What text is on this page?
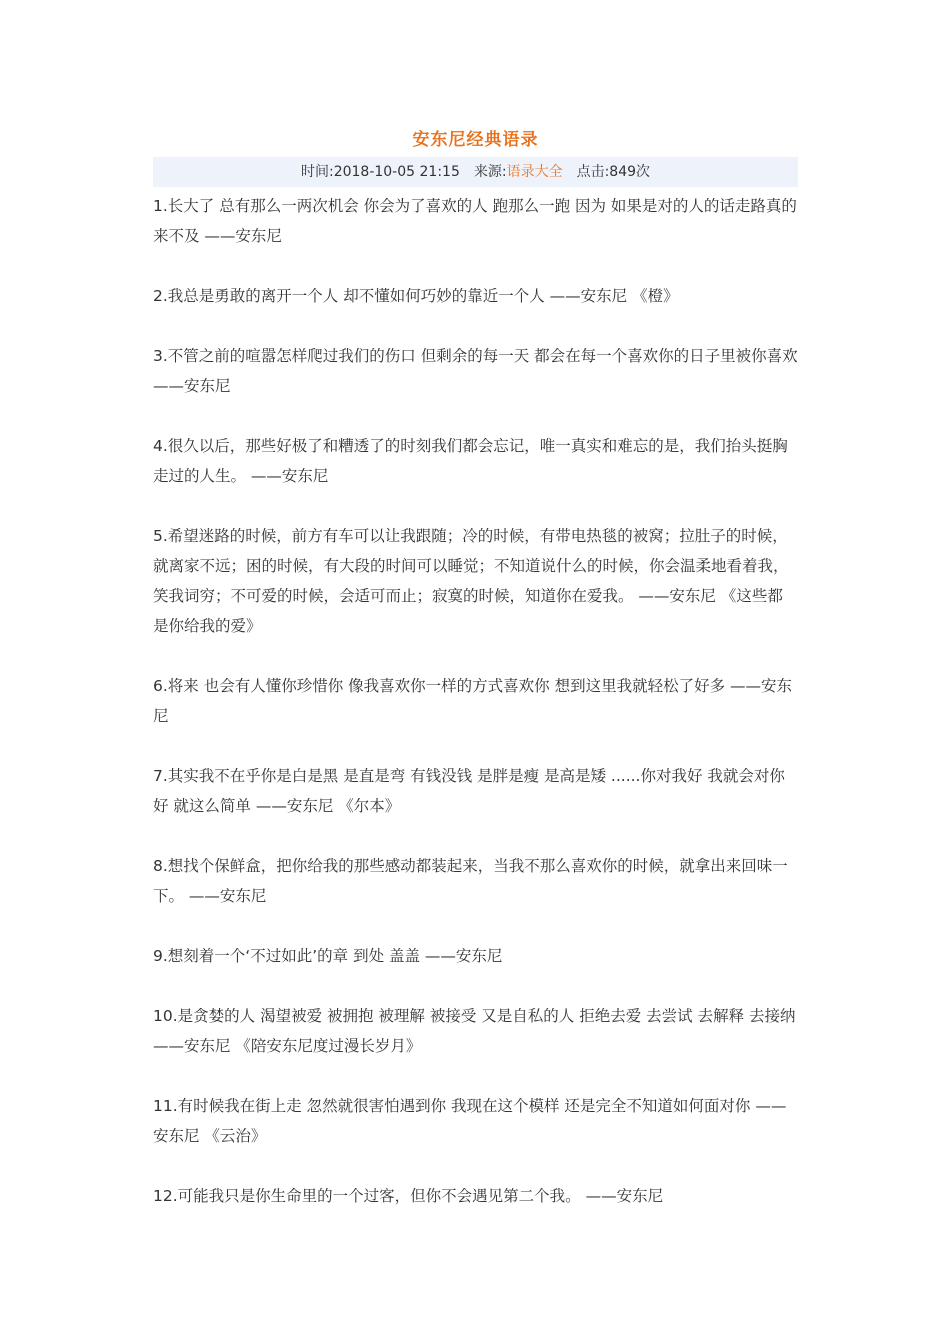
安东尼经典语录
时间:2018-10-05 21:15 来源:语录大全 点击:849次

1.长大了 总有那么一两次机会 你会为了喜欢的人 跑那么一跑 因为 如果是对的人的话走路真的来不及 ——安东尼

2.我总是勇敢的离开一个人 却不懂如何巧妙的靠近一个人 ——安东尼 《橙》

3.不管之前的喧嚣怎样爬过我们的伤口 但剩余的每一天 都会在每一个喜欢你的日子里被你喜欢 ——安东尼

4.很久以后，那些好极了和糟透了的时刻我们都会忘记，唯一真实和难忘的是，我们抬头挺胸走过的人生。 ——安东尼

5.希望迷路的时候，前方有车可以让我跟随；冷的时候，有带电热毯的被窝；拉肚子的时候，就离家不远；困的时候，有大段的时间可以睡觉；不知道说什么的时候，你会温柔地看着我，笑我词穷；不可爱的时候，会适可而止；寂寞的时候，知道你在爱我。 ——安东尼 《这些都是你给我的爱》

6.将来 也会有人懂你珍惜你 像我喜欢你一样的方式喜欢你 想到这里我就轻松了好多 ——安东尼

7.其实我不在乎你是白是黑 是直是弯 有钱没钱 是胖是瘦 是高是矮 ......你对我好 我就会对你好 就这么简单 ——安东尼 《尔本》

8.想找个保鲜盒，把你给我的那些感动都装起来，当我不那么喜欢你的时候，就拿出来回味一下。 ——安东尼

9.想刻着一个‘不过如此’的章 到处 盖盖 ——安东尼

10.是贪婪的人 渴望被爱 被拥抱 被理解 被接受 又是自私的人 拒绝去爱 去尝试 去解释 去接纳 ——安东尼 《陪安东尼度过漫长岁月》

11.有时候我在街上走 忽然就很害怕遇到你 我现在这个模样 还是完全不知道如何面对你 ——安东尼 《云治》

12.可能我只是你生命里的一个过客，但你不会遇见第二个我。 ——安东尼
